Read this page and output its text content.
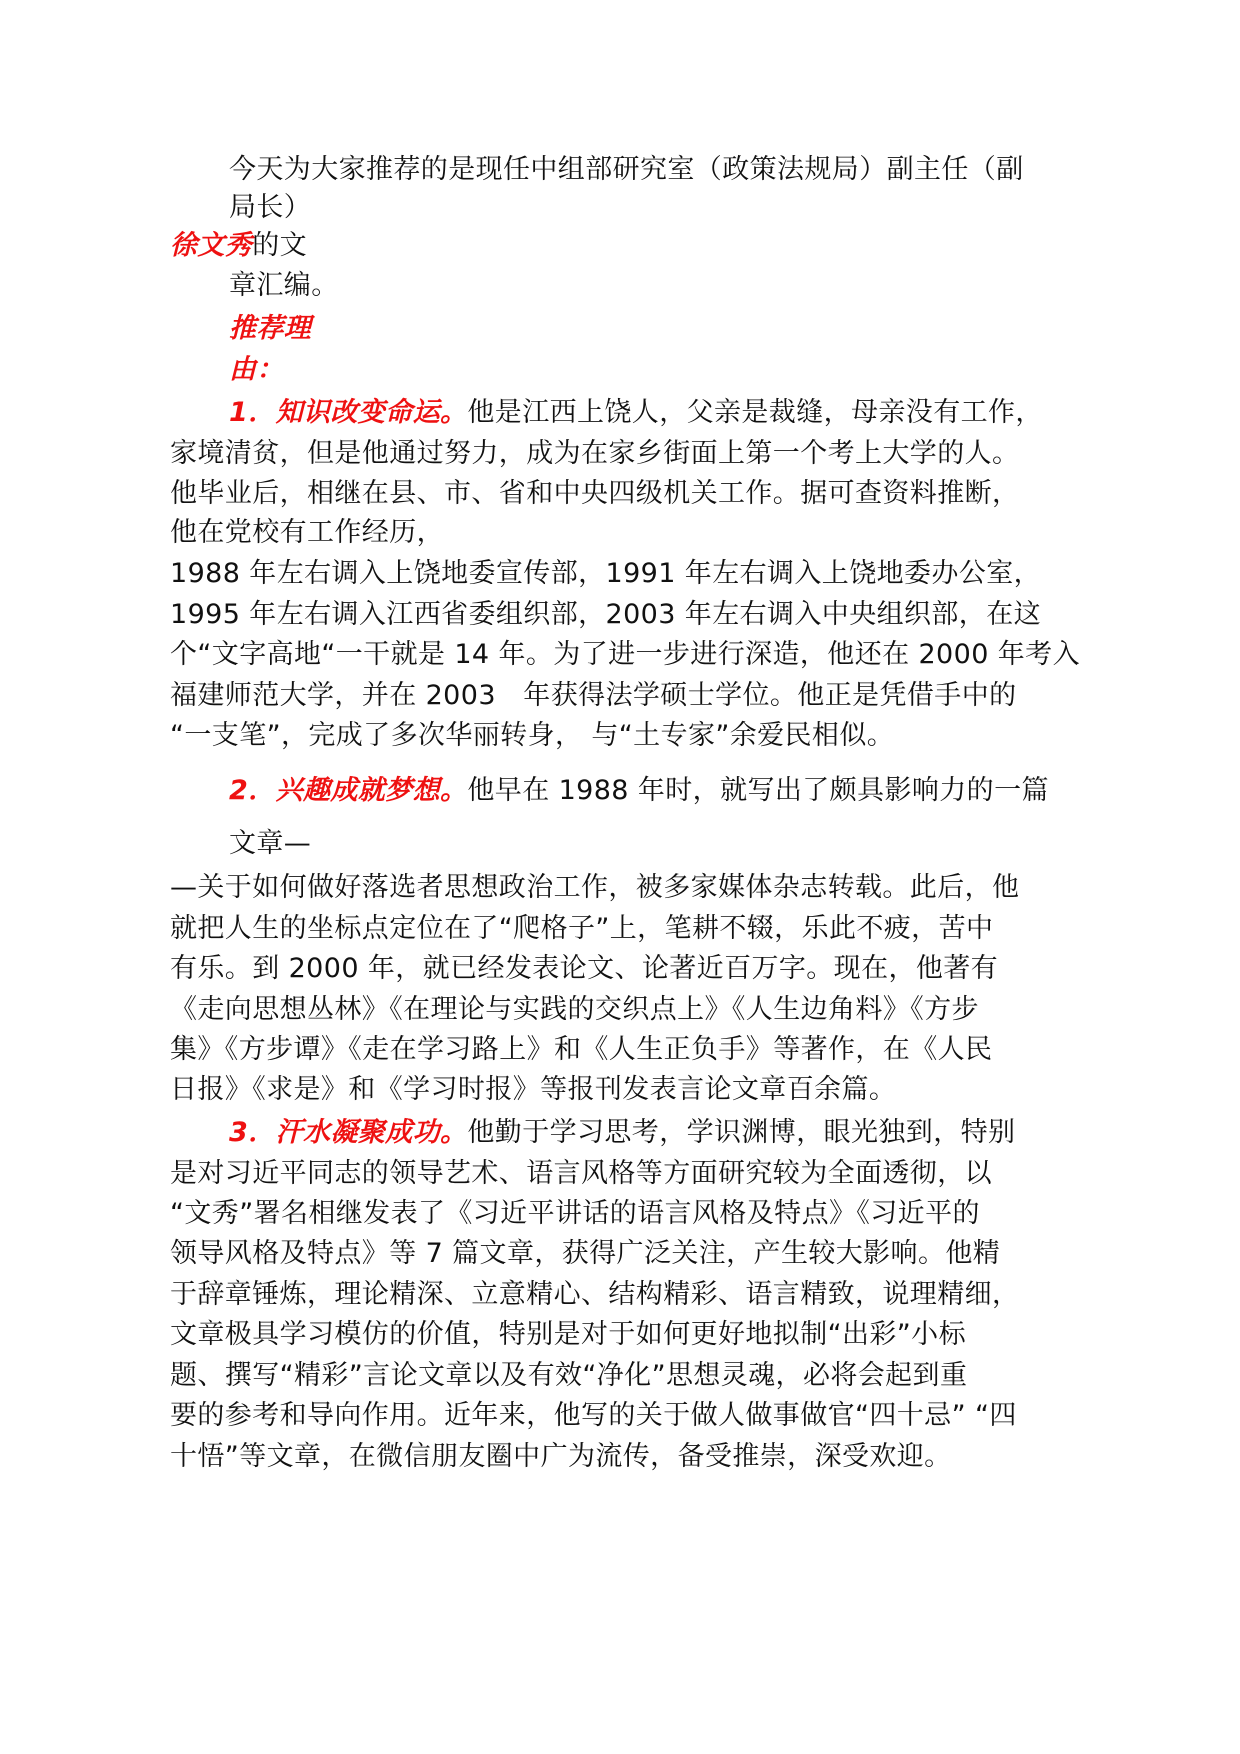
今天为大家推荐的是现任中组部研究室（政策法规局）副主任（副
局长）
徐文秀的文
章汇编。
推荐理
由：
1．知识改变命运。他是江西上饶人，父亲是裁缝，母亲没有工作，
家境清贫，但是他通过努力，成为在家乡街面上第一个考上大学的人。
他毕业后，相继在县、市、省和中央四级机关工作。据可查资料推断，
他在党校有工作经历，
1988 年左右调入上饶地委宣传部，1991 年左右调入上饶地委办公室，
1995 年左右调入江西省委组织部，2003 年左右调入中央组织部，在这
个“文字高地“一干就是 14 年。为了进一步进行深造，他还在 2000 年考入
福建师范大学，并在 2003　年获得法学硕士学位。他正是凭借手中的
“一支笔”，完成了多次华丽转身， 与“土专家”余爱民相似。
2．兴趣成就梦想。他早在 1988 年时，就写出了颇具影响力的一篇
文章—
—关于如何做好落选者思想政治工作，被多家媒体杂志转载。此后，他
就把人生的坐标点定位在了“爬格子”上，笔耕不辍，乐此不疲，苦中
有乐。到 2000 年，就已经发表论文、论著近百万字。现在，他著有
《走向思想丛林》《在理论与实践的交织点上》《人生边角料》《方步
集》《方步谭》《走在学习路上》和《人生正负手》等著作，在《人民
日报》《求是》和《学习时报》等报刊发表言论文章百余篇。
3．汗水凝聚成功。他勤于学习思考，学识渊博，眼光独到，特别
是对习近平同志的领导艺术、语言风格等方面研究较为全面透彻，以
“文秀”署名相继发表了《习近平讲话的语言风格及特点》《习近平的
领导风格及特点》等 7 篇文章，获得广泛关注，产生较大影响。他精
于辞章锤炼，理论精深、立意精心、结构精彩、语言精致，说理精细，
文章极具学习模仿的价值，特别是对于如何更好地拟制“出彩”小标
题、撰写“精彩”言论文章以及有效“净化”思想灵魂，必将会起到重
要的参考和导向作用。近年来，他写的关于做人做事做官“四十忌” “四
十悟”等文章，在微信朋友圈中广为流传，备受推崇，深受欢迎。
